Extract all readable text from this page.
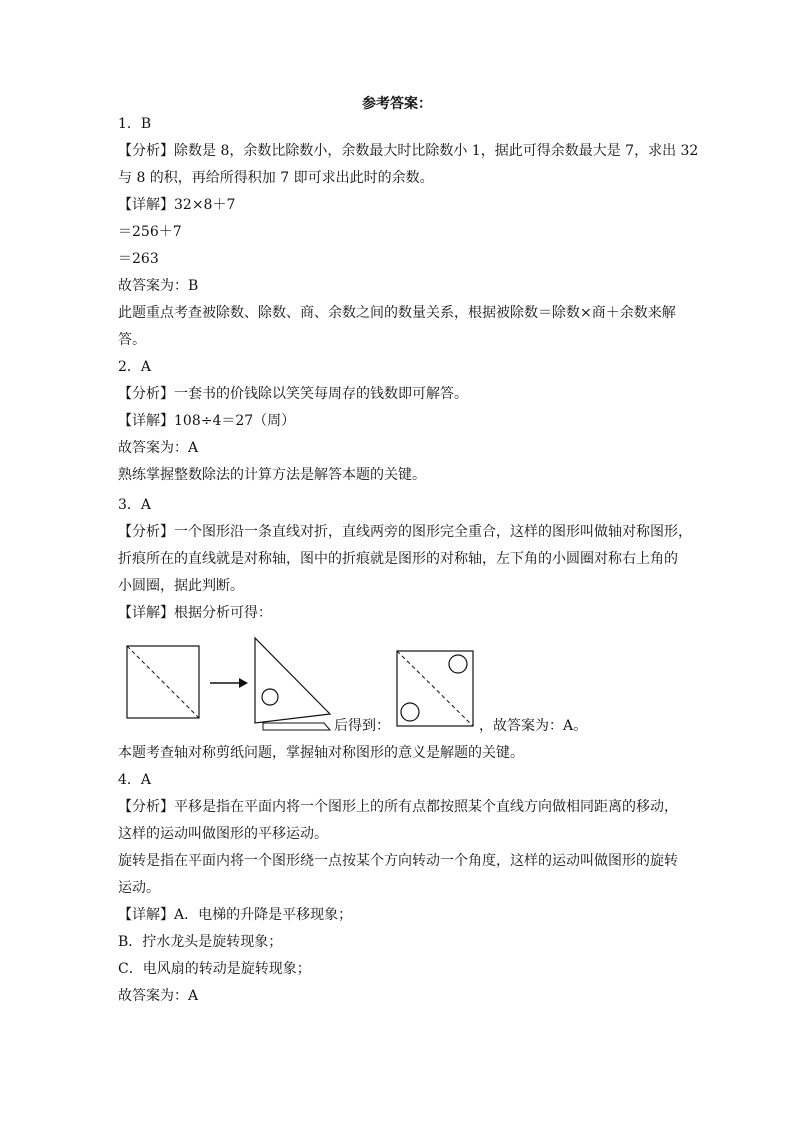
参考答案：
1．B
【分析】除数是 8，余数比除数小，余数最大时比除数小 1，据此可得余数最大是 7，求出 32
与 8 的积，再给所得积加 7 即可求出此时的余数。
【详解】32×8＋7
＝256＋7
＝263
故答案为：B
此题重点考查被除数、除数、商、余数之间的数量关系，根据被除数＝除数×商＋余数来解
答。
2．A
【分析】一套书的价钱除以笑笑每周存的钱数即可解答。
【详解】108÷4＝27（周）
故答案为：A
熟练掌握整数除法的计算方法是解答本题的关键。
3．A
【分析】一个图形沿一条直线对折，直线两旁的图形完全重合，这样的图形叫做轴对称图形，
折痕所在的直线就是对称轴，图中的折痕就是图形的对称轴，左下角的小圆圈对称右上角的
小圆圈，据此判断。
【详解】根据分析可得：
后得到：	，故答案为：A。
本题考查轴对称剪纸问题，掌握轴对称图形的意义是解题的关键。
4．A
【分析】平移是指在平面内将一个图形上的所有点都按照某个直线方向做相同距离的移动，
这样的运动叫做图形的平移运动。
旋转是指在平面内将一个图形绕一点按某个方向转动一个角度，这样的运动叫做图形的旋转
运动。
【详解】A．电梯的升降是平移现象；
B．拧水龙头是旋转现象；
C．电风扇的转动是旋转现象；
故答案为：A
